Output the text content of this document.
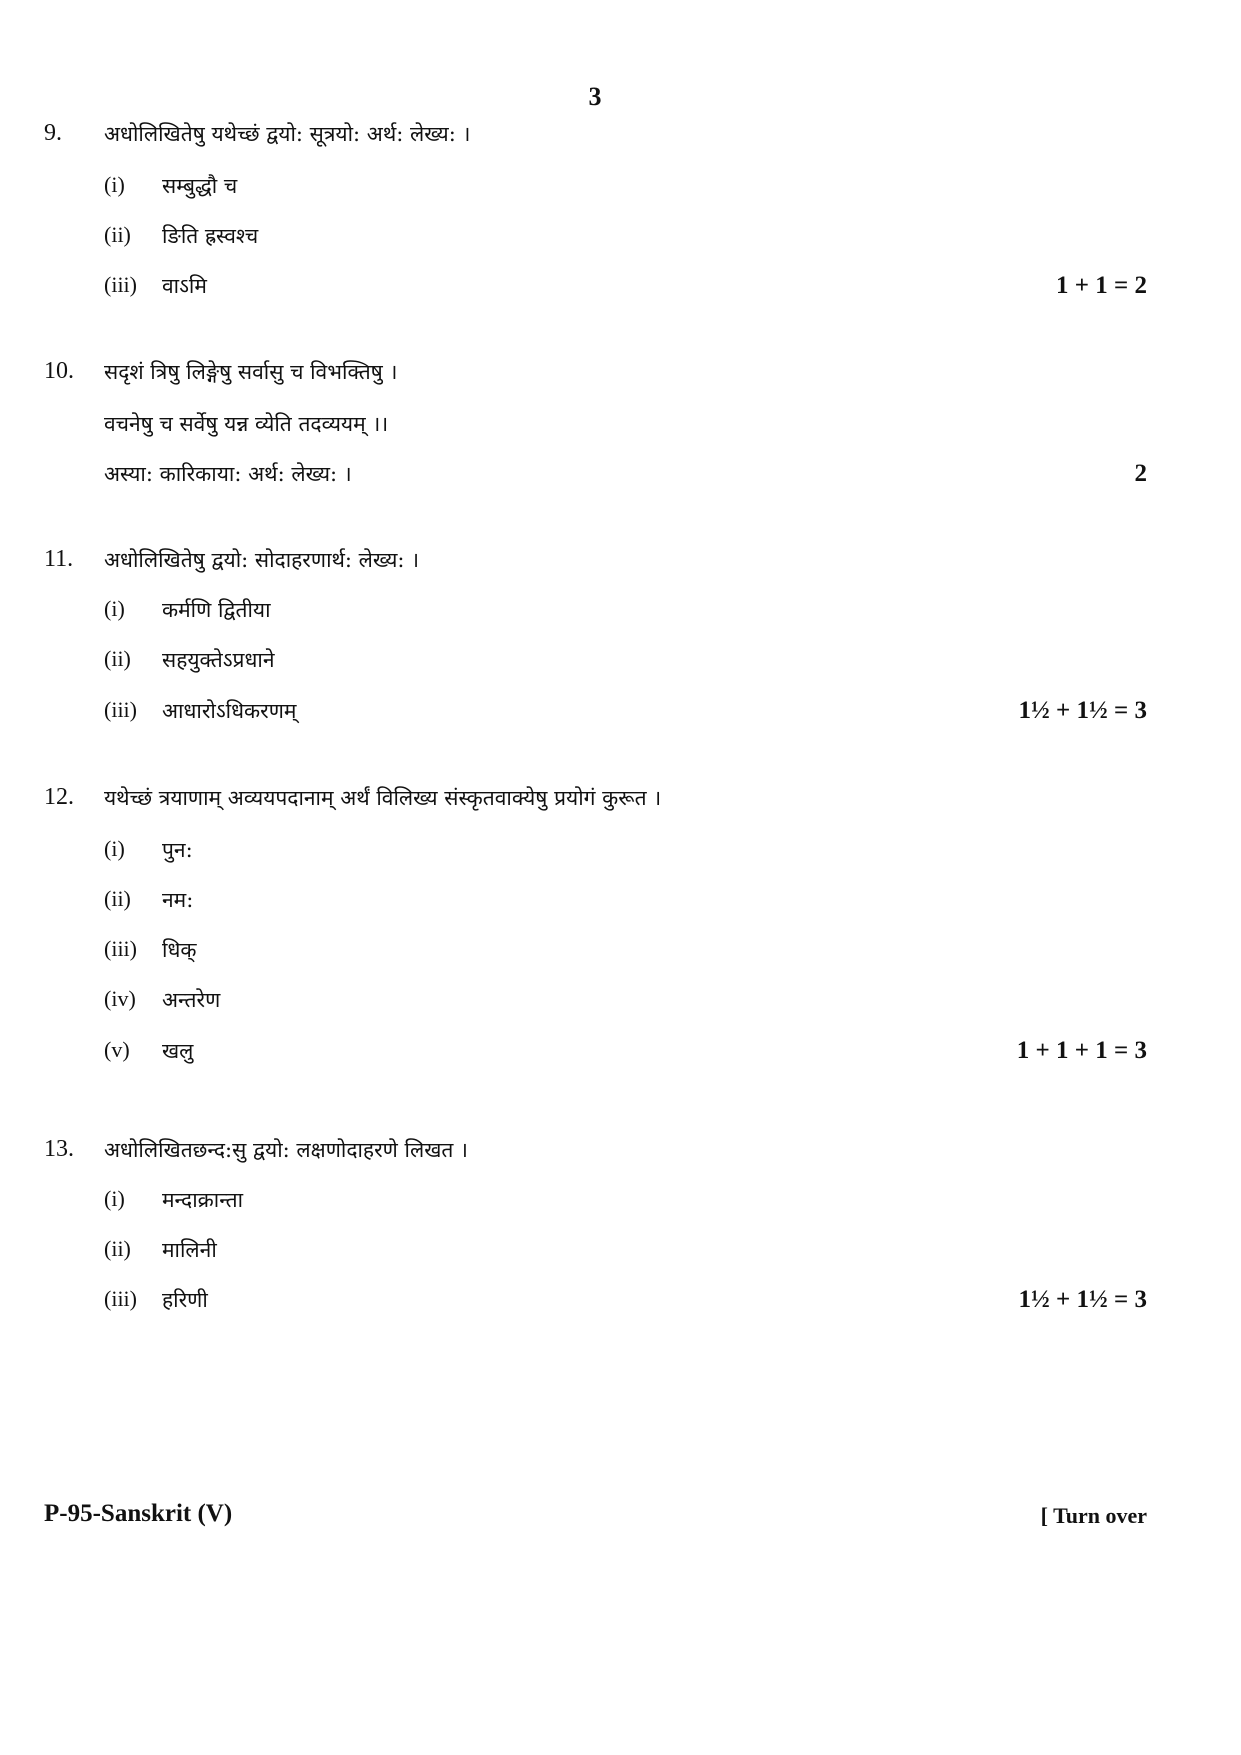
3
9. अधोलिखितेषु यथेच्छं द्वयो: सूत्रयो: अर्थ: लेख्य: ।
(i) सम्बुद्धौ च
(ii) ङिति ह्रस्वश्च
(iii) वाऽमि	1 + 1 = 2
10. सदृशं त्रिषु लिङ्गेषु सर्वासु च विभक्तिषु ।
वचनेषु च सर्वेषु यन्न व्येति तदव्ययम् ।।
अस्या: कारिकाया: अर्थ: लेख्य: ।	2
11. अधोलिखितेषु द्वयो: सोदाहरणार्थ: लेख्य: ।
(i) कर्मणि द्वितीया
(ii) सहयुक्तेऽप्रधाने
(iii) आधारोऽधिकरणम्	1½ + 1½ = 3
12. यथेच्छं त्रयाणाम् अव्ययपदानाम् अर्थं विलिख्य संस्कृतवाक्येषु प्रयोगं कुरूत ।
(i) पुन:
(ii) नम:
(iii) धिक्
(iv) अन्तरेण
(v) खलु	1 + 1 + 1 = 3
13. अधोलिखितछन्द:सु द्वयो: लक्षणोदाहरणे लिखत ।
(i) मन्दाक्रान्ता
(ii) मालिनी
(iii) हरिणी	1½ + 1½ = 3
P-95-Sanskrit (V)	[ Turn over
